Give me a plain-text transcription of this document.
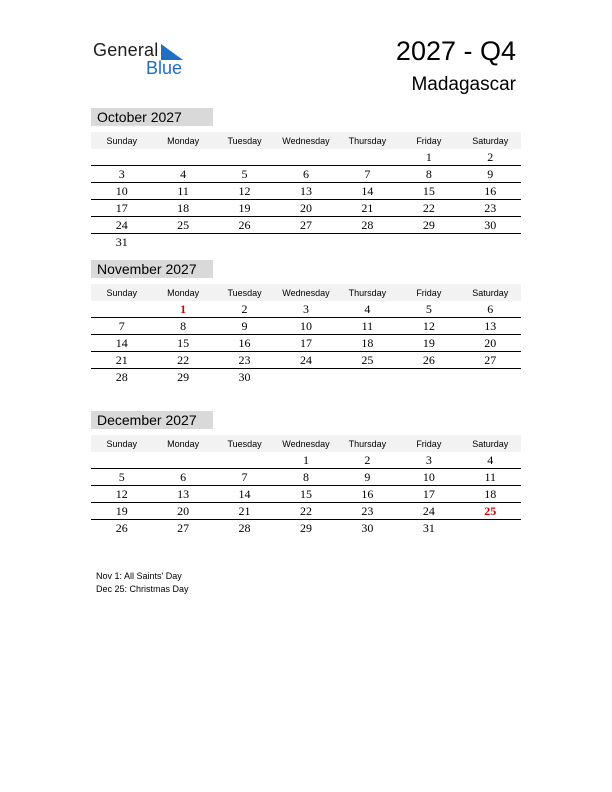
General
Blue
2027 - Q4
Madagascar
October 2027
Sunday	Monday	Tuesday	Wednesday	Thursday	Friday	Saturday
					1	2
3	4	5	6	7	8	9
10	11	12	13	14	15	16
17	18	19	20	21	22	23
24	25	26	27	28	29	30
31						
November 2027
Sunday	Monday	Tuesday	Wednesday	Thursday	Friday	Saturday
	1	2	3	4	5	6
7	8	9	10	11	12	13
14	15	16	17	18	19	20
21	22	23	24	25	26	27
28	29	30				
December 2027
Sunday	Monday	Tuesday	Wednesday	Thursday	Friday	Saturday
			1	2	3	4
5	6	7	8	9	10	11
12	13	14	15	16	17	18
19	20	21	22	23	24	25
26	27	28	29	30	31	
Nov 1: All Saints' Day
Dec 25: Christmas Day
